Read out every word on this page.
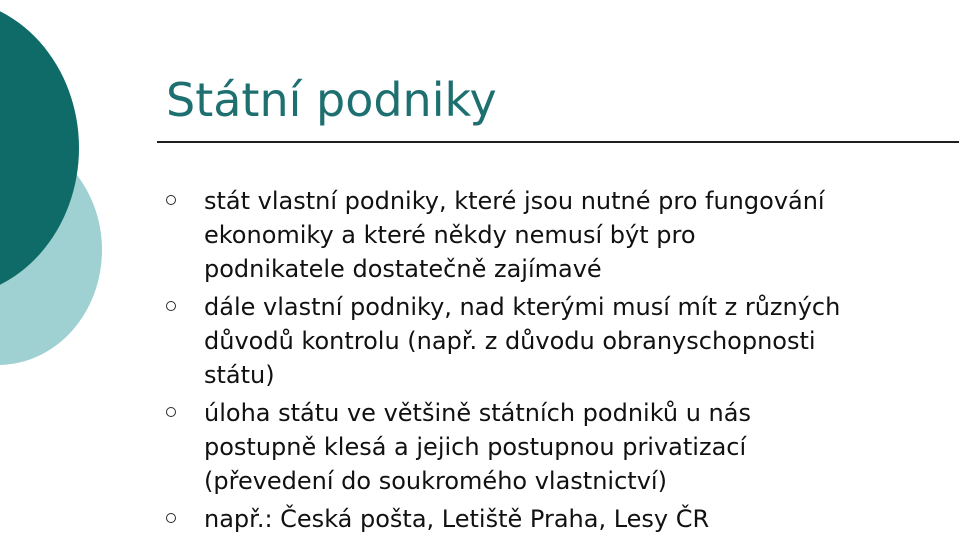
Státní podniky
stát vlastní podniky, které jsou nutné pro fungování
ekonomiky a které někdy nemusí být pro
podnikatele dostatečně zajímavé
dále vlastní podniky, nad kterými musí mít z různých
důvodů kontrolu (např. z důvodu obranyschopnosti
státu)
úloha státu ve většině státních podniků u nás
postupně klesá a jejich postupnou privatizací
(převedení do soukromého vlastnictví)
např.: Česká pošta, Letiště Praha, Lesy ČR
